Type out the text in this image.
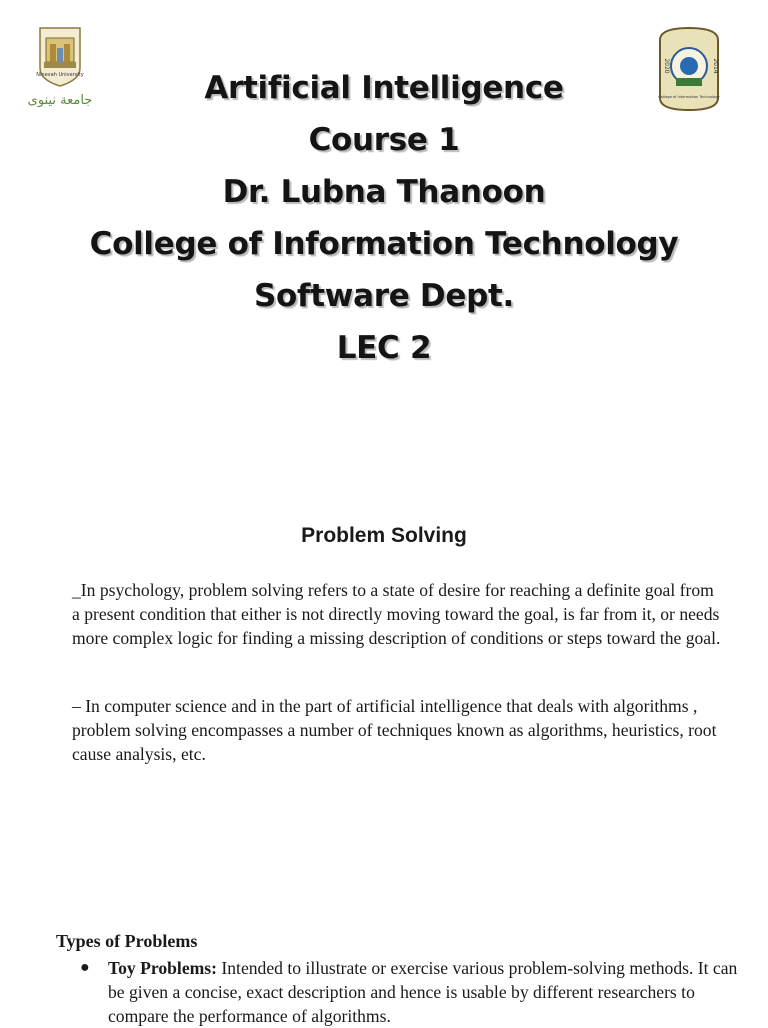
Ninevah University
جامعة نينوى
2020	2014
College of Information Technology
Artificial Intelligence
Course 1
Dr. Lubna Thanoon
College of Information Technology
Software Dept.
LEC 2
Problem Solving

_In psychology, problem solving refers to a state of desire for reaching a definite goal from a present condition that either is not directly moving toward the goal, is far from it, or needs more complex logic for finding a missing description of conditions or steps toward the goal.

– In computer science and in the part of artificial intelligence that deals with algorithms , problem solving encompasses a number of techniques known as algorithms, heuristics, root cause analysis, etc.

Types of Problems
● Toy Problems: Intended to illustrate or exercise various problem-solving methods. It can be given a concise, exact description and hence is usable by different researchers to compare the performance of algorithms.
